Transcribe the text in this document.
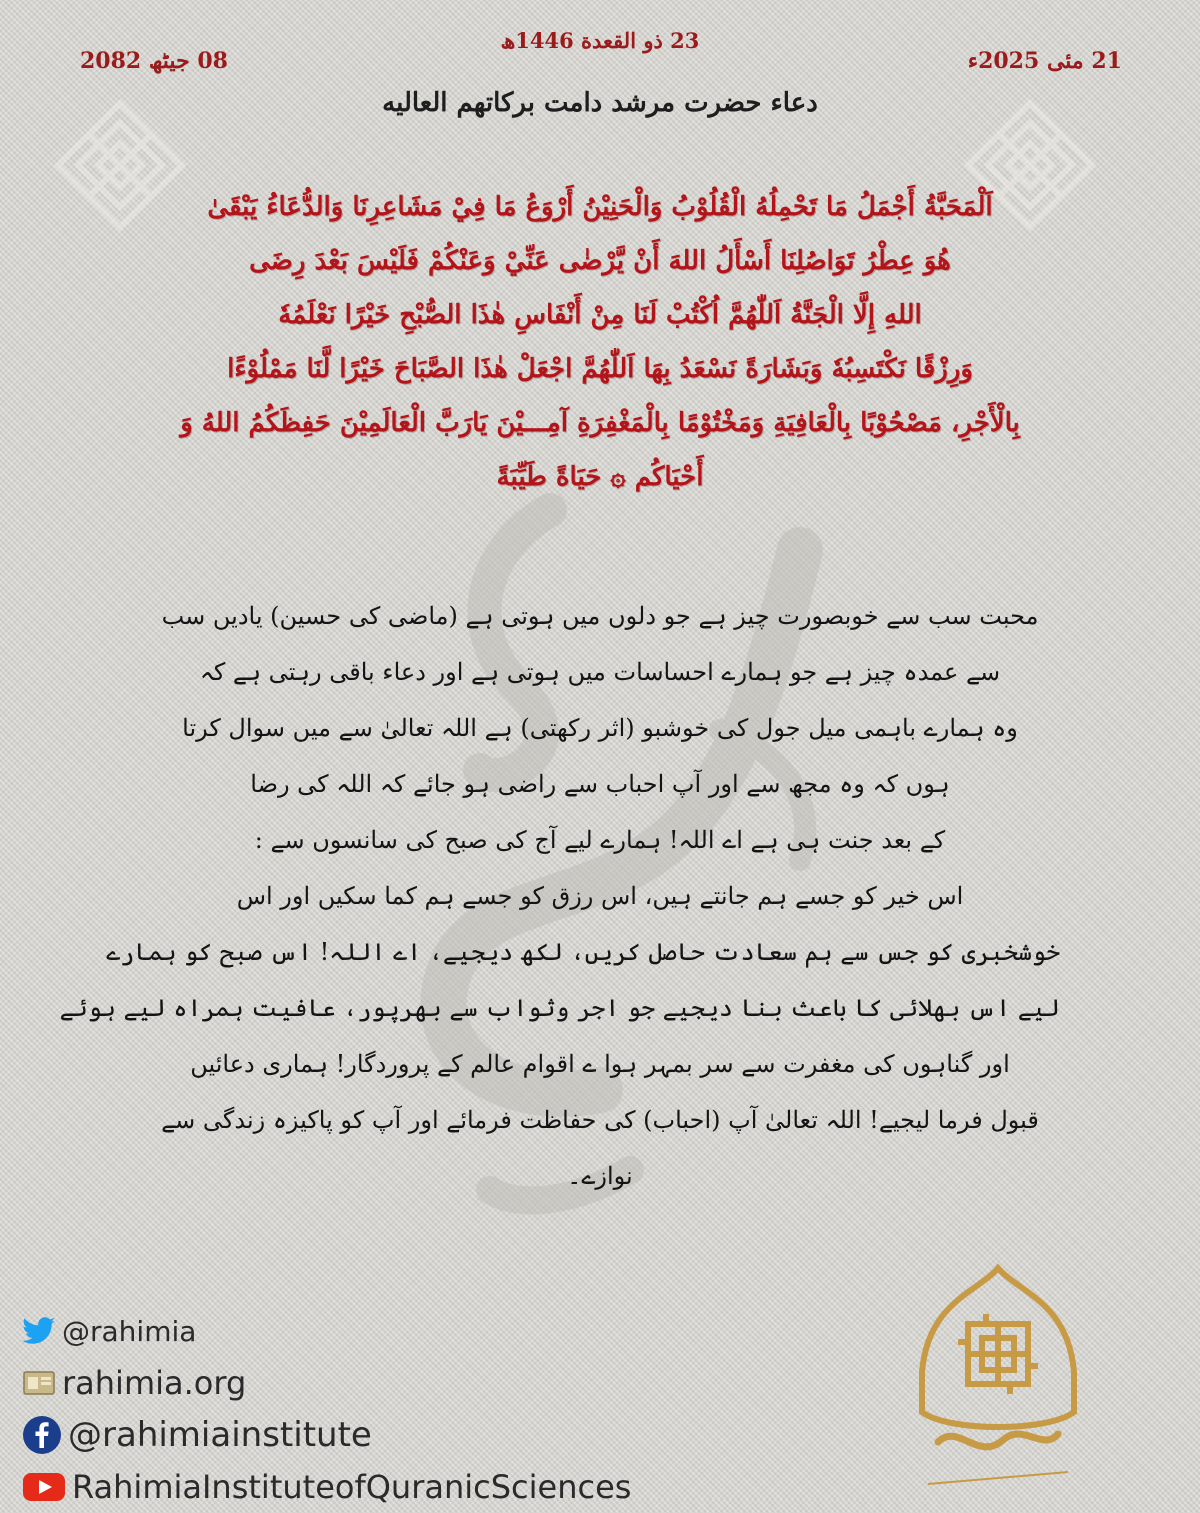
23 ذو القعدة 1446ھ
21 مئی 2025ء
08 جیٹھ 2082
دعاء حضرت مرشد دامت برکاتهم العاليه
اَلْمَحَبَّةُ أَجْمَلُ مَا تَحْمِلُهُ الْقُلُوْبُ وَالْحَنِيْنُ أَرْوَعُ مَا فِيْ مَشَاعِرِنَا وَالدُّعَاءُ يَبْقَىٰ
هُوَ عِطْرُ تَوَاصُلِنَا أَسْأَلُ اللهَ أَنْ يَّرْضٰى عَنِّيْ وَعَنْكُمْ فَلَيْسَ بَعْدَ رِضَى
اللهِ إِلَّا الْجَنَّةُ اَللّٰهُمَّ اُكْتُبْ لَنَا مِنْ أَنْفَاسِ هٰذَا الصُّبْحِ خَيْرًا نَعْلَمُهٗ
وَرِزْقًا نَكْتَسِبُهٗ وَبَشَارَةً نَسْعَدُ بِهَا اَللّٰهُمَّ اجْعَلْ هٰذَا الصَّبَاحَ خَيْرًا لَّنَا مَمْلُوْءًا
بِالْأَجْرِ، مَصْحُوْبًا بِالْعَافِيَةِ وَمَخْتُوْمًا بِالْمَغْفِرَةِ آمِـــيْنَ يَارَبَّ الْعَالَمِيْنَ حَفِظَكُمُ اللهُ وَ
أَحْيَاكُم ۞ حَيَاةً طَيِّبَةً
محبت سب سے خوبصورت چیز ہے جو دلوں میں ہوتی ہے (ماضی کی حسین) یادیں سب
سے عمدہ چیز ہے جو ہمارے احساسات میں ہوتی ہے اور دعاء باقی رہتی ہے کہ
وہ ہمارے باہمی میل جول کی خوشبو (اثر رکھتی) ہے اللہ تعالیٰ سے میں سوال کرتا
ہوں کہ وہ مجھ سے اور آپ احباب سے راضی ہو جائے کہ اللہ کی رضا
کے بعد جنت ہی ہے اے اللہ! ہمارے لیے آج کی صبح کی سانسوں سے :
اس خیر کو جسے ہم جانتے ہیں، اس رزق کو جسے ہم کما سکیں اور اس
خوشخبری کو جس سے ہم سعادت حاصل کریں، لکھ دیجیے، اے اللہ! اس صبح کو ہمارے
لیے اس بھلائی کا باعث بنا دیجیے جو اجر وثواب سے بھرپور، عافیت ہمراہ لیے ہوئے
اور گناہوں کی مغفرت سے سر بمہر ہوا ے اقوام عالم کے پروردگار! ہماری دعائیں
قبول فرما لیجیے! اللہ تعالیٰ آپ (احباب) کی حفاظت فرمائے اور آپ کو پاکیزہ زندگی سے
نوازے۔
@rahimia
rahimia.org
@rahimiainstitute
RahimiaInstituteofQuranicSciences
